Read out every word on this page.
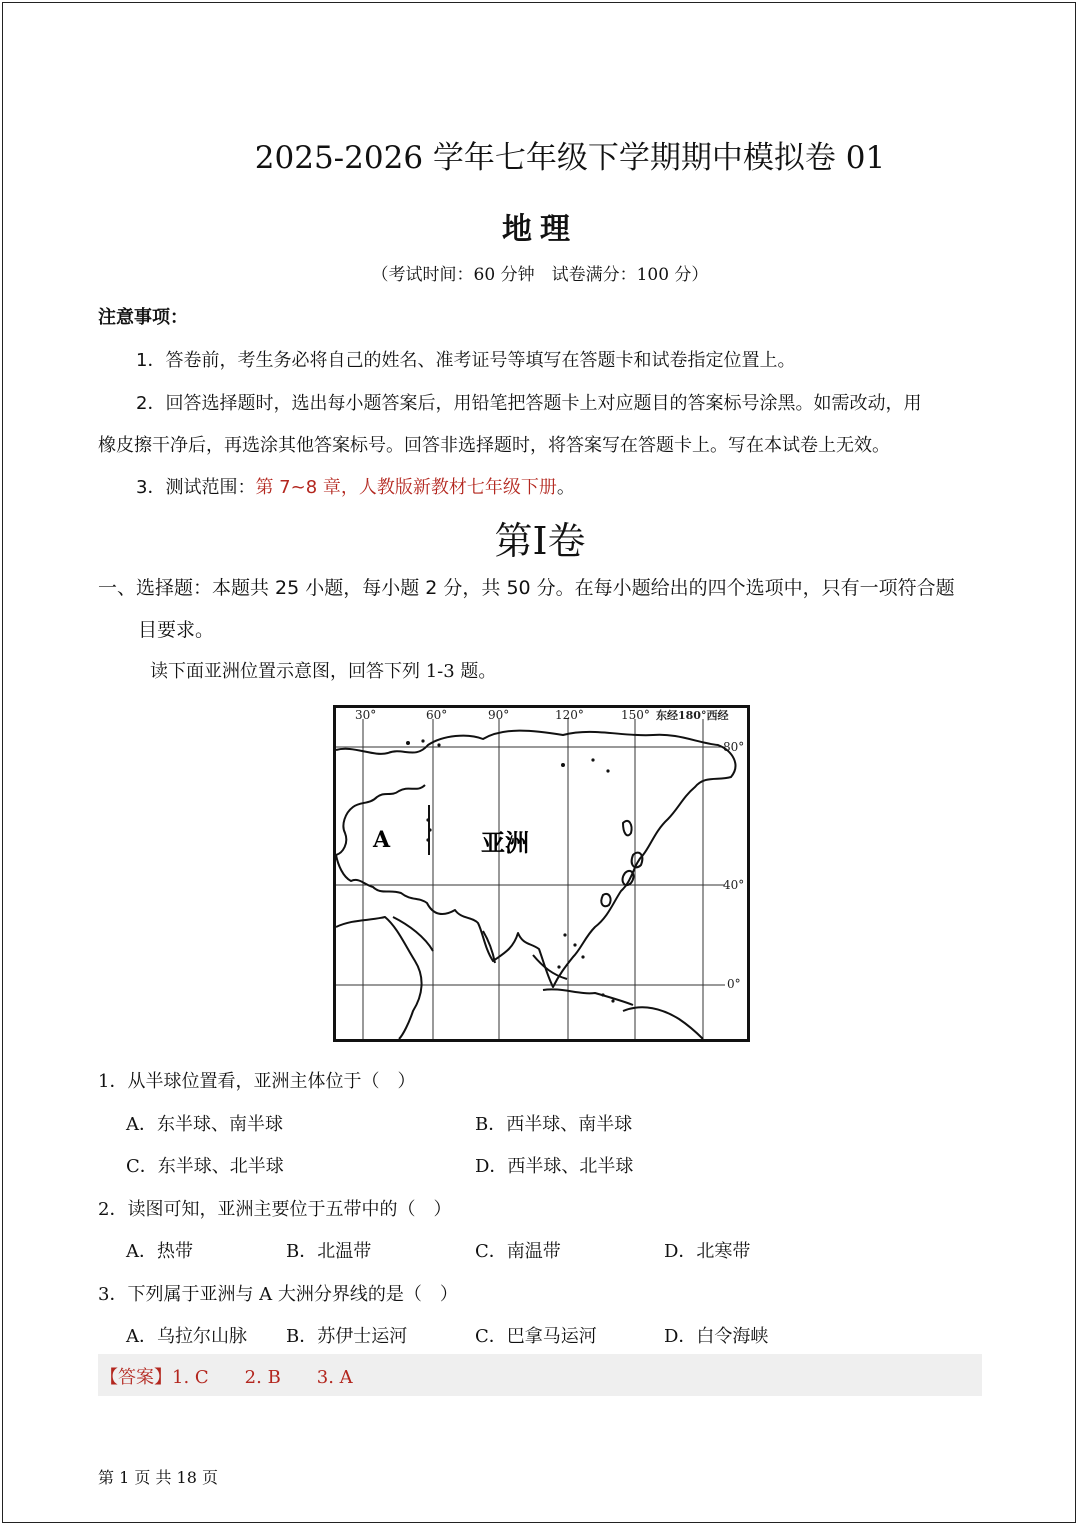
2025-2026 学年七年级下学期期中模拟卷 01
地理
（考试时间：60 分钟　试卷满分：100 分）
注意事项：
1．答卷前，考生务必将自己的姓名、准考证号等填写在答题卡和试卷指定位置上。
2．回答选择题时，选出每小题答案后，用铅笔把答题卡上对应题目的答案标号涂黑。如需改动，用
橡皮擦干净后，再选涂其他答案标号。回答非选择题时，将答案写在答题卡上。写在本试卷上无效。
3．测试范围：第 7~8 章，人教版新教材七年级下册。
第I卷
一、选择题：本题共 25 小题，每小题 2 分，共 50 分。在每小题给出的四个选项中，只有一项符合题
目要求。
读下面亚洲位置示意图，回答下列 1-3 题。
30°	60°	90°	120°	150° 东经180°西经
80°
40°
0°
A	亚洲
1．从半球位置看，亚洲主体位于（　）
A．东半球、南半球	B．西半球、南半球
C．东半球、北半球	D．西半球、北半球
2．读图可知，亚洲主要位于五带中的（　）
A．热带	B．北温带	C．南温带	D．北寒带
3．下列属于亚洲与 A 大洲分界线的是（　）
A．乌拉尔山脉 B．苏伊士运河	C．巴拿马运河	D．白令海峡
【答案】1. C　　2. B　　3. A
第 1 页 共 18 页
